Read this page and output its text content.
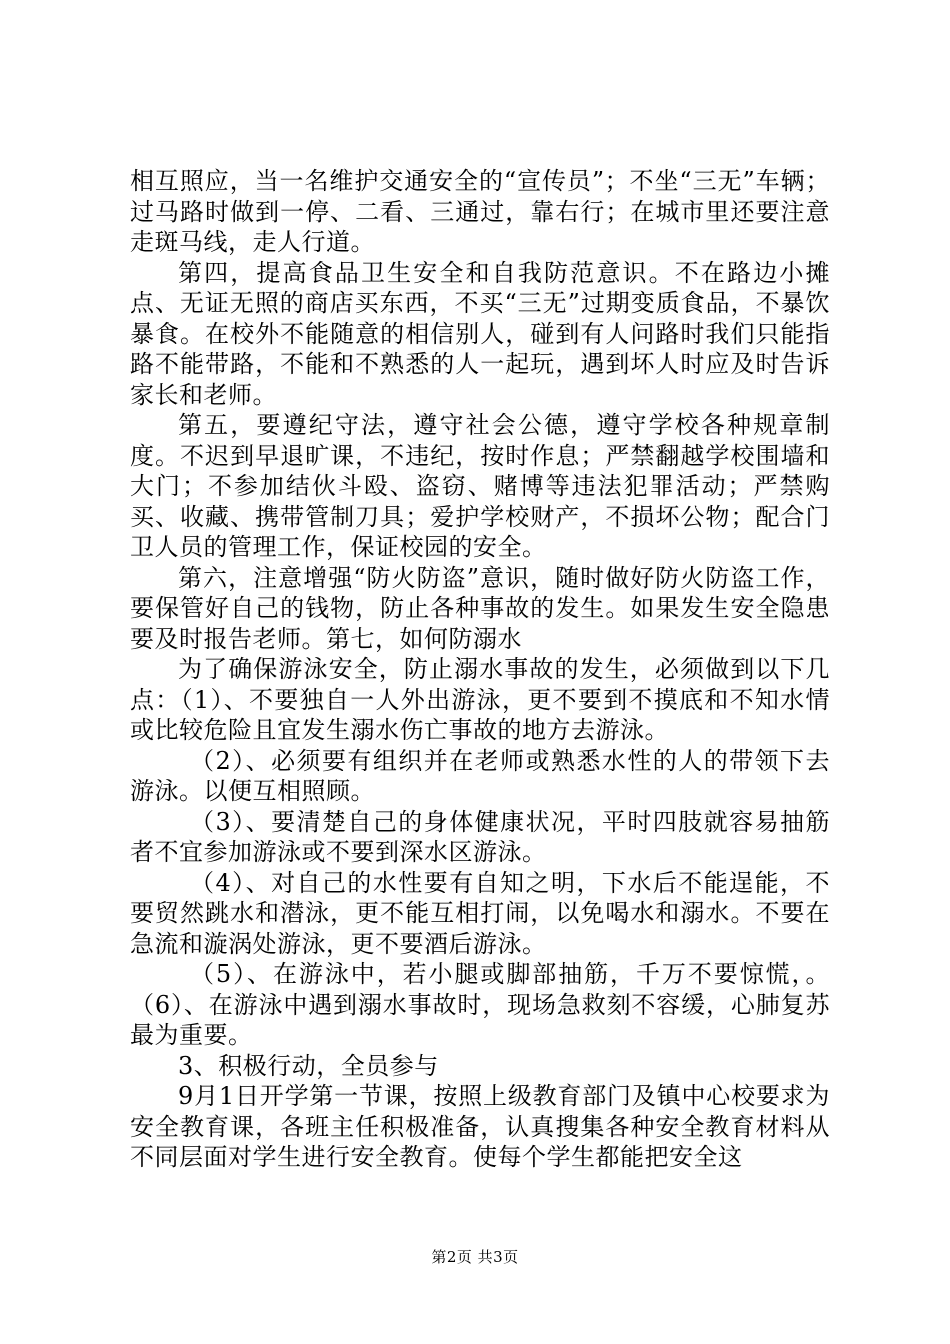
相互照应，当一名维护交通安全的“宣传员”；不坐“三无”车辆；过马路时做到一停、二看、三通过，靠右行；在城市里还要注意走斑马线，走人行道。

第四，提高食品卫生安全和自我防范意识。不在路边小摊点、无证无照的商店买东西，不买“三无”过期变质食品，不暴饮暴食。在校外不能随意的相信别人，碰到有人问路时我们只能指路不能带路，不能和不熟悉的人一起玩，遇到坏人时应及时告诉家长和老师。

第五，要遵纪守法，遵守社会公德，遵守学校各种规章制度。不迟到早退旷课，不违纪，按时作息；严禁翻越学校围墙和大门；不参加结伙斗殴、盗窃、赌博等违法犯罪活动；严禁购买、收藏、携带管制刀具；爱护学校财产，不损坏公物；配合门卫人员的管理工作，保证校园的安全。

第六，注意增强“防火防盗”意识，随时做好防火防盗工作，要保管好自己的钱物，防止各种事故的发生。如果发生安全隐患要及时报告老师。第七，如何防溺水

为了确保游泳安全，防止溺水事故的发生，必须做到以下几点：（1）、不要独自一人外出游泳，更不要到不摸底和不知水情或比较危险且宜发生溺水伤亡事故的地方去游泳。

（2）、必须要有组织并在老师或熟悉水性的人的带领下去游泳。以便互相照顾。

（3）、要清楚自己的身体健康状况，平时四肢就容易抽筋者不宜参加游泳或不要到深水区游泳。

（4）、对自己的水性要有自知之明，下水后不能逞能，不要贸然跳水和潜泳，更不能互相打闹，以免喝水和溺水。不要在急流和漩涡处游泳，更不要酒后游泳。

（5）、在游泳中，若小腿或脚部抽筋，千万不要惊慌，。（6）、在游泳中遇到溺水事故时，现场急救刻不容缓，心肺复苏最为重要。

3、积极行动，全员参与

9月1日开学第一节课，按照上级教育部门及镇中心校要求为安全教育课，各班主任积极准备，认真搜集各种安全教育材料从不同层面对学生进行安全教育。使每个学生都能把安全这

第2页 共3页
